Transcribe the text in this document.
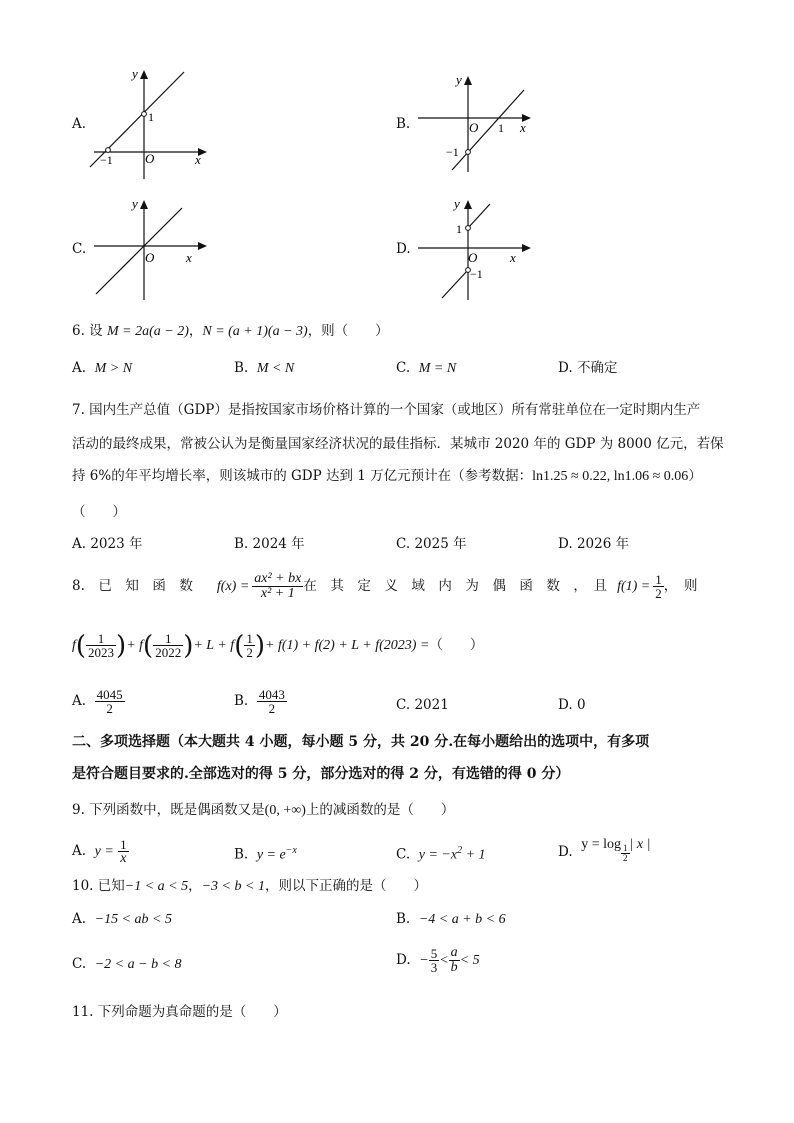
A.
y
x
O
1
−1
B.
y
x
O 1
−1
C.
y
x
O
D.
y
x
O
1
−1
6. 设 M = 2a(a − 2)，N = (a + 1)(a − 3)，则（　　）
A. M > N	B. M < N	C. M = N	D. 不确定
7. 国内生产总值（GDP）是指按国家市场价格计算的一个国家（或地区）所有常驻单位在一定时期内生产
活动的最终成果，常被公认为是衡量国家经济状况的最佳指标．某城市 2020 年的 GDP 为 8000 亿元，若保
持 6%的年平均增长率，则该城市的 GDP 达到 1 万亿元预计在（参考数据：ln1.25 ≈ 0.22, ln1.06 ≈ 0.06）
（　　）
A. 2023 年	B. 2024 年	C. 2025 年	D. 2026 年
8.　已　知　函　数 $f(x) = \frac{\text{ax² + bx}}{\text{x² + 1}}$ 在　其　定　义　域　内　为　偶　函　数　，　且 $f(1) = \frac{1}{2}$ ，　则
f ( $\frac{1}{2023}$ ) + f ( $\frac{1}{2022}$ ) + L + f ( $\frac{1}{2}$ ) + f(1) + f(2) + L + f(2023) = （　　）
A.
$\frac{4045}{2}$	B.
$\frac{4043}{2}$	C. 2021	D. 0
二、多项选择题（本大题共 4 小题，每小题 5 分，共 20 分.在每小题给出的选项中，有多项
是符合题目要求的.全部选对的得 5 分，部分选对的得 2 分，有选错的得 0 分）
9. 下列函数中，既是偶函数又是(0, +∞)上的减函数的是（　　）
A.
y =
$\frac{1}{x}$	B. $y = e^{-x}$	C. $y = -x^2 + 1$	D.
$y = \log \frac{1}{2}$ | x |
10. 已知−1 < a < 5，−3 < b < 1，则以下正确的是（　　）
A. −15 < ab < 5	B. −4 < a + b < 6
C. −2 < a − b < 8	D.
− $\frac{5}{3} < \frac{a}{b} < 5$
11. 下列命题为真命题的是（　　）
